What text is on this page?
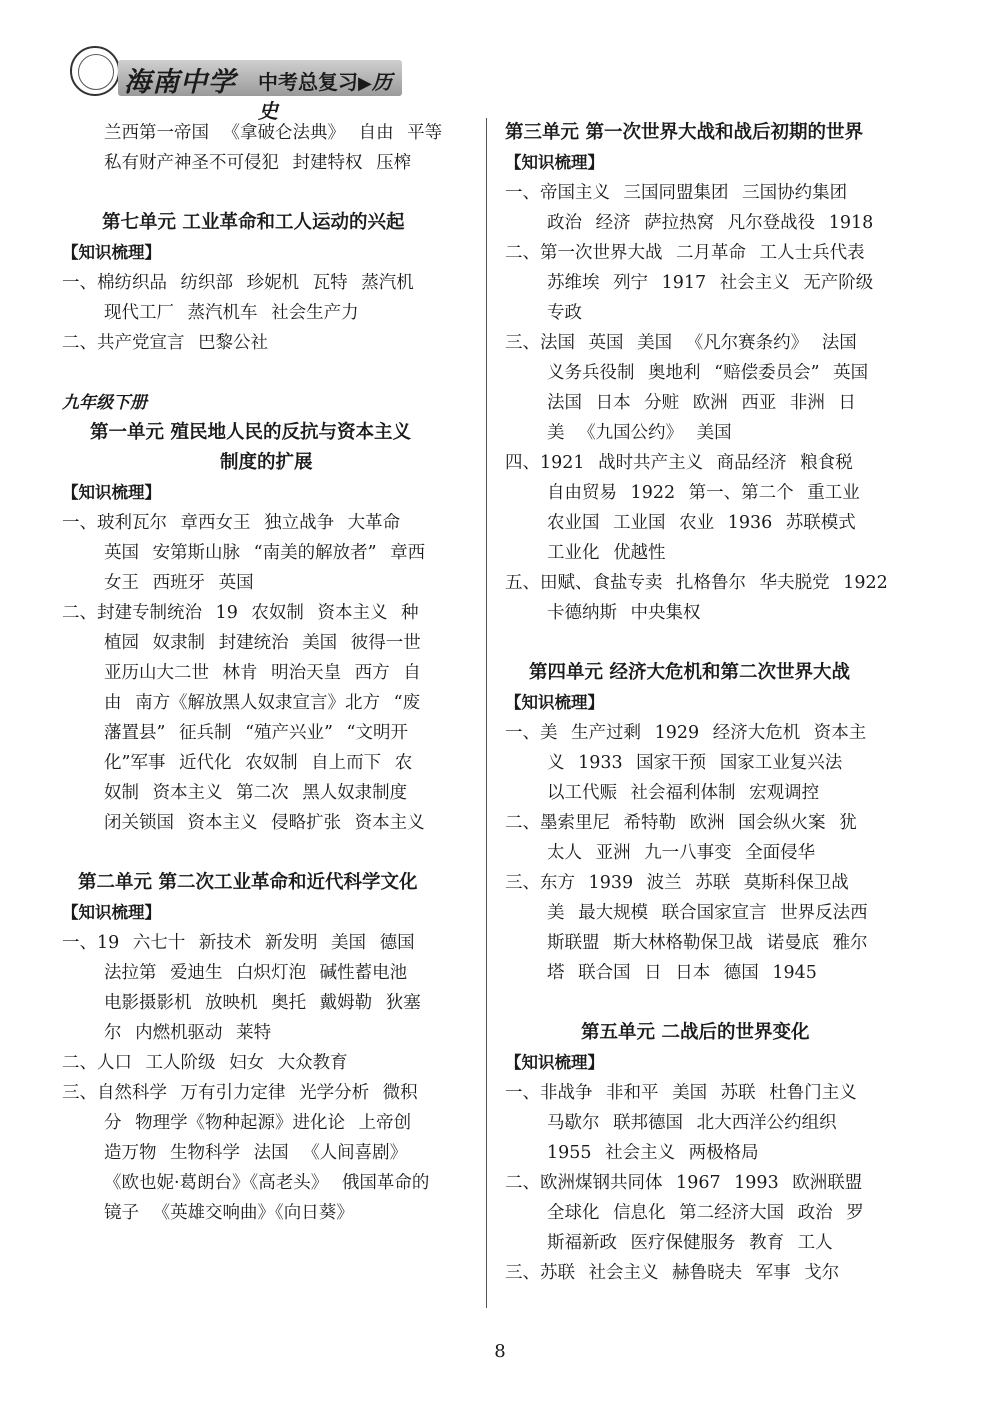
海南中学 中考总复习▶历史
兰西第一帝国 《拿破仑法典》 自由 平等
私有财产神圣不可侵犯 封建特权 压榨
第七单元 工业革命和工人运动的兴起
【知识梳理】
一、棉纺织品 纺织部 珍妮机 瓦特 蒸汽机
现代工厂 蒸汽机车 社会生产力
二、共产党宣言 巴黎公社
九年级下册
第一单元 殖民地人民的反抗与资本主义
制度的扩展
【知识梳理】
一、玻利瓦尔 章西女王 独立战争 大革命
英国 安第斯山脉 “南美的解放者” 章西
女王 西班牙 英国
二、封建专制统治 19 农奴制 资本主义 种
植园 奴隶制 封建统治 美国 彼得一世
亚历山大二世 林肯 明治天皇 西方 自
由 南方《解放黑人奴隶宣言》北方 “废
藩置县” 征兵制 “殖产兴业” “文明开
化”军事 近代化 农奴制 自上而下 农
奴制 资本主义 第二次 黑人奴隶制度
闭关锁国 资本主义 侵略扩张 资本主义
第二单元 第二次工业革命和近代科学文化
【知识梳理】
一、19 六七十 新技术 新发明 美国 德国
法拉第 爱迪生 白炽灯泡 碱性蓄电池
电影摄影机 放映机 奥托 戴姆勒 狄塞
尔 内燃机驱动 莱特
二、人口 工人阶级 妇女 大众教育
三、自然科学 万有引力定律 光学分析 微积
分 物理学《物种起源》进化论 上帝创
造万物 生物科学 法国 《人间喜剧》
《欧也妮·葛朗台》《高老头》 俄国革命的
镜子 《英雄交响曲》《向日葵》
第三单元 第一次世界大战和战后初期的世界
【知识梳理】
一、帝国主义 三国同盟集团 三国协约集团
政治 经济 萨拉热窝 凡尔登战役 1918
二、第一次世界大战 二月革命 工人士兵代表
苏维埃 列宁 1917 社会主义 无产阶级
专政
三、法国 英国 美国 《凡尔赛条约》 法国
义务兵役制 奥地利 “赔偿委员会” 英国
法国 日本 分赃 欧洲 西亚 非洲 日
美 《九国公约》 美国
四、1921 战时共产主义 商品经济 粮食税
自由贸易 1922 第一、第二个 重工业
农业国 工业国 农业 1936 苏联模式
工业化 优越性
五、田赋、食盐专卖 扎格鲁尔 华夫脱党 1922
卡德纳斯 中央集权
第四单元 经济大危机和第二次世界大战
【知识梳理】
一、美 生产过剩 1929 经济大危机 资本主
义 1933 国家干预 国家工业复兴法
以工代赈 社会福利体制 宏观调控
二、墨索里尼 希特勒 欧洲 国会纵火案 犹
太人 亚洲 九一八事变 全面侵华
三、东方 1939 波兰 苏联 莫斯科保卫战
美 最大规模 联合国家宣言 世界反法西
斯联盟 斯大林格勒保卫战 诺曼底 雅尔
塔 联合国 日 日本 德国 1945
第五单元 二战后的世界变化
【知识梳理】
一、非战争 非和平 美国 苏联 杜鲁门主义
马歇尔 联邦德国 北大西洋公约组织
1955 社会主义 两极格局
二、欧洲煤钢共同体 1967 1993 欧洲联盟
全球化 信息化 第二经济大国 政治 罗
斯福新政 医疗保健服务 教育 工人
三、苏联 社会主义 赫鲁晓夫 军事 戈尔
8
